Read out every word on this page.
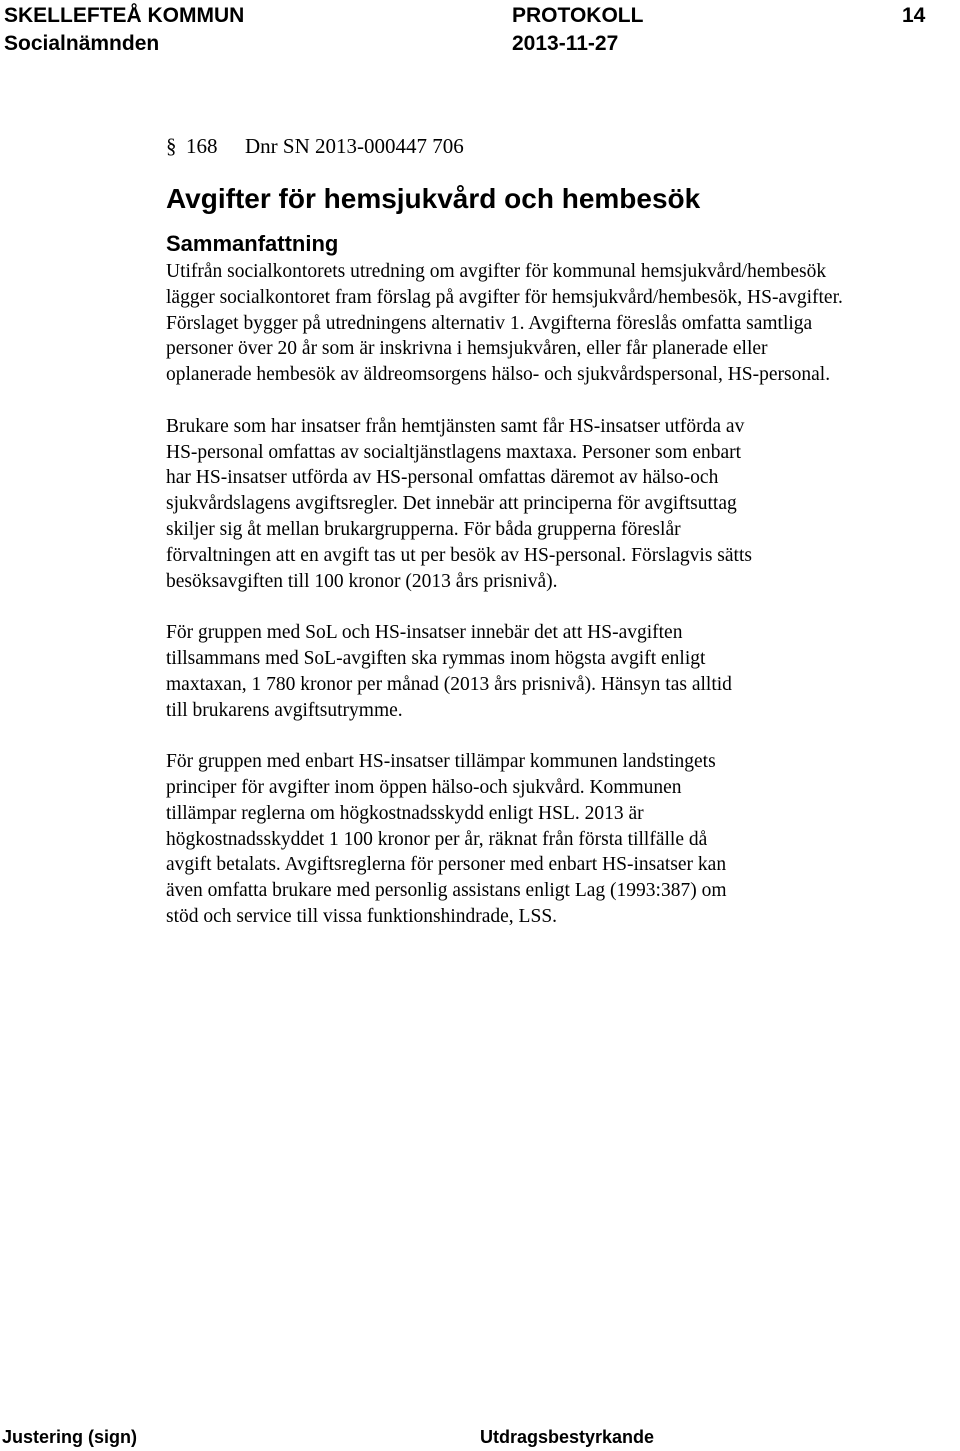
SKELLEFTEÅ KOMMUN
Socialnämnden
PROTOKOLL
2013-11-27
14
§ 168 Dnr SN 2013-000447 706
Avgifter för hemsjukvård och hembesök
Sammanfattning

Utifrån socialkontorets utredning om avgifter för kommunal hemsjukvård/hembesök
lägger socialkontoret fram förslag på avgifter för hemsjukvård/hembesök, HS-avgifter.
Förslaget bygger på utredningens alternativ 1. Avgifterna föreslås omfatta samtliga
personer över 20 år som är inskrivna i hemsjukvåren, eller får planerade eller
oplanerade hembesök av äldreomsorgens hälso- och sjukvårdspersonal, HS-personal.

Brukare som har insatser från hemtjänsten samt får HS-insatser utförda av
HS-personal omfattas av socialtjänstlagens maxtaxa. Personer som enbart
har HS-insatser utförda av HS-personal omfattas däremot av hälso-och
sjukvårdslagens avgiftsregler. Det innebär att principerna för avgiftsuttag
skiljer sig åt mellan brukargrupperna. För båda grupperna föreslår
förvaltningen att en avgift tas ut per besök av HS-personal. Förslagvis sätts
besöksavgiften till 100 kronor (2013 års prisnivå).

För gruppen med SoL och HS-insatser innebär det att HS-avgiften
tillsammans med SoL-avgiften ska rymmas inom högsta avgift enligt
maxtaxan, 1 780 kronor per månad (2013 års prisnivå). Hänsyn tas alltid
till brukarens avgiftsutrymme.

För gruppen med enbart HS-insatser tillämpar kommunen landstingets
principer för avgifter inom öppen hälso-och sjukvård. Kommunen
tillämpar reglerna om högkostnadsskydd enligt HSL. 2013 är
högkostnadsskyddet 1 100 kronor per år, räknat från första tillfälle då
avgift betalats. Avgiftsreglerna för personer med enbart HS-insatser kan
även omfatta brukare med personlig assistans enligt Lag (1993:387) om
stöd och service till vissa funktionshindrade, LSS.

Justering (sign)	Utdragsbestyrkande
